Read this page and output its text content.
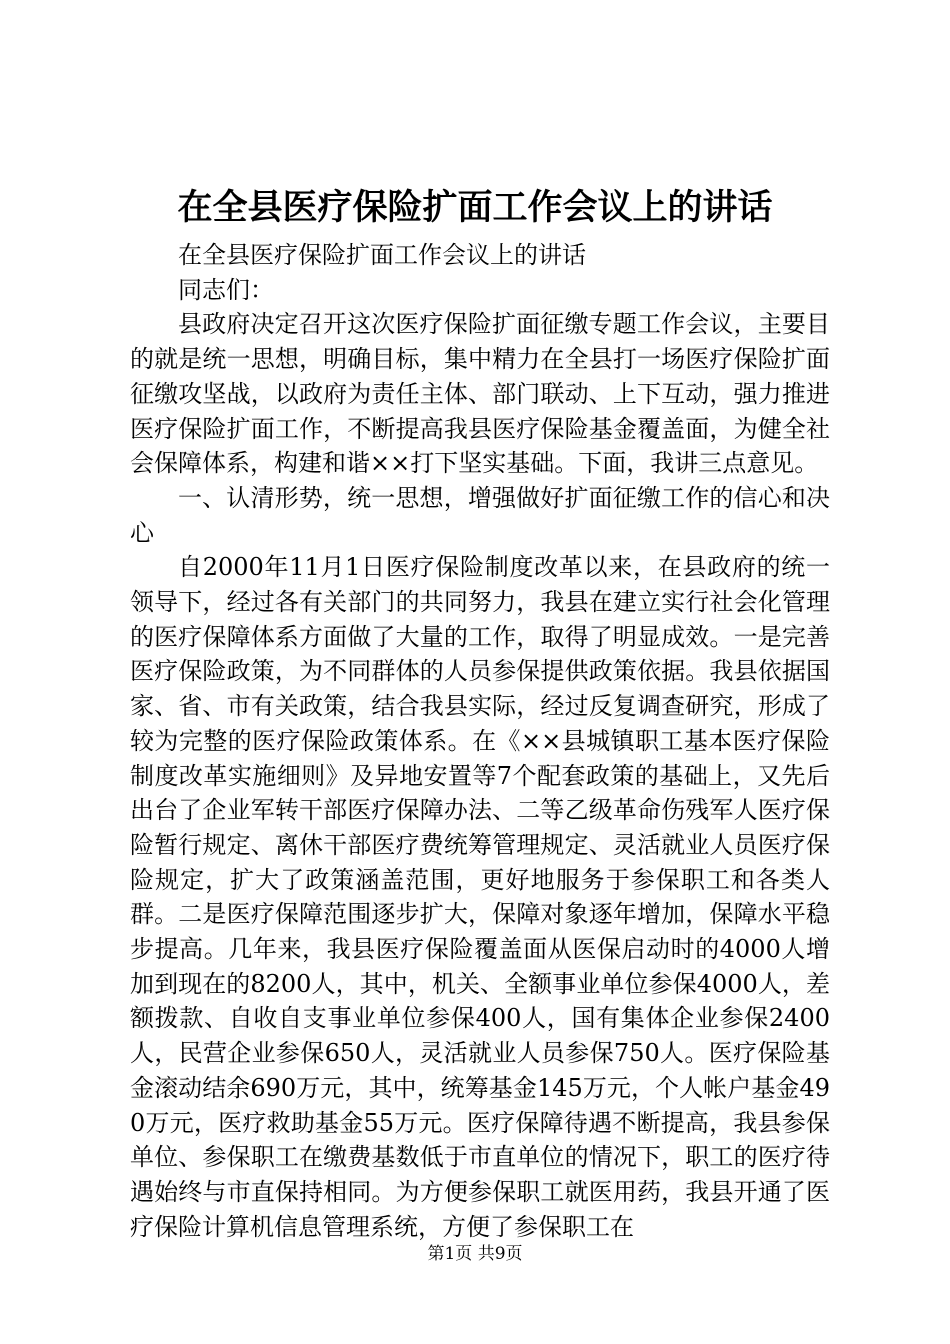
在全县医疗保险扩面工作会议上的讲话

在全县医疗保险扩面工作会议上的讲话

同志们：

县政府决定召开这次医疗保险扩面征缴专题工作会议，主要目的就是统一思想，明确目标，集中精力在全县打一场医疗保险扩面征缴攻坚战，以政府为责任主体、部门联动、上下互动，强力推进医疗保险扩面工作，不断提高我县医疗保险基金覆盖面，为健全社会保障体系，构建和谐××打下坚实基础。下面，我讲三点意见。

一、认清形势，统一思想，增强做好扩面征缴工作的信心和决心

自2000年11月1日医疗保险制度改革以来，在县政府的统一领导下，经过各有关部门的共同努力，我县在建立实行社会化管理的医疗保障体系方面做了大量的工作，取得了明显成效。一是完善医疗保险政策，为不同群体的人员参保提供政策依据。我县依据国家、省、市有关政策，结合我县实际，经过反复调查研究，形成了较为完整的医疗保险政策体系。在《××县城镇职工基本医疗保险制度改革实施细则》及异地安置等7个配套政策的基础上，又先后出台了企业军转干部医疗保障办法、二等乙级革命伤残军人医疗保险暂行规定、离休干部医疗费统筹管理规定、灵活就业人员医疗保险规定，扩大了政策涵盖范围，更好地服务于参保职工和各类人群。二是医疗保障范围逐步扩大，保障对象逐年增加，保障水平稳步提高。几年来，我县医疗保险覆盖面从医保启动时的4000人增加到现在的8200人，其中，机关、全额事业单位参保4000人，差额拨款、自收自支事业单位参保400人，国有集体企业参保2400人，民营企业参保650人，灵活就业人员参保750人。医疗保险基金滚动结余690万元，其中，统筹基金145万元，个人帐户基金490万元，医疗救助基金55万元。医疗保障待遇不断提高，我县参保单位、参保职工在缴费基数低于市直单位的情况下，职工的医疗待遇始终与市直保持相同。为方便参保职工就医用药，我县开通了医疗保险计算机信息管理系统，方便了参保职工在

第1页 共9页
